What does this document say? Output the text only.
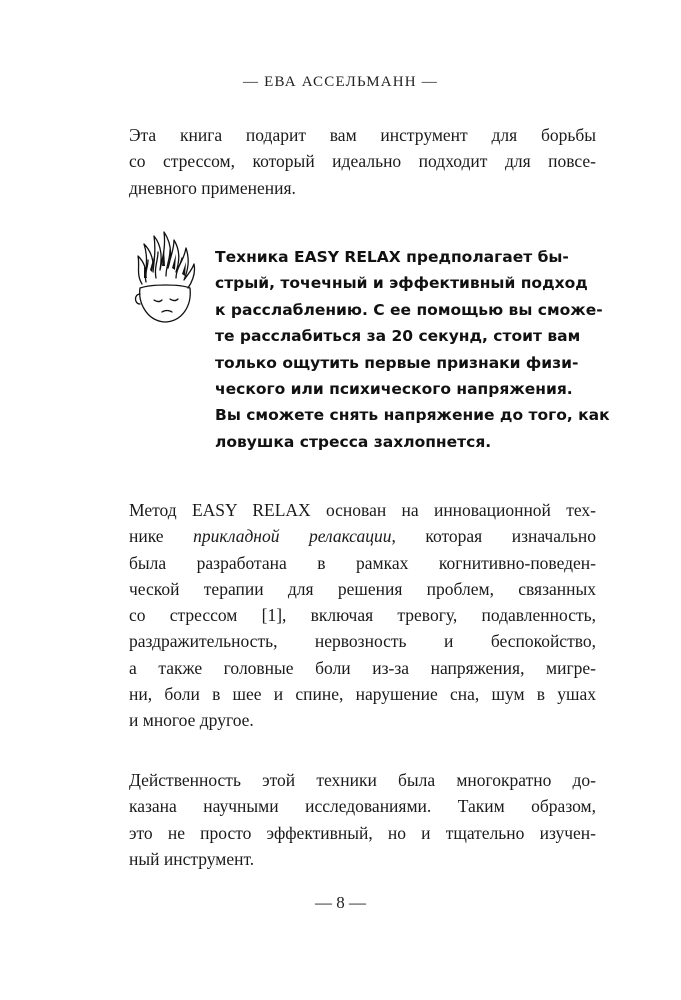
— ЕВА АССЕЛЬМАНН —
Эта книга подарит вам инструмент для борьбы
со стрессом, который идеально подходит для повсе-
дневного применения.
Техника EASY RELAX предполагает бы-
стрый, точечный и эффективный подход
к расслаблению. С ее помощью вы сможе-
те расслабиться за 20 секунд, стоит вам
только ощутить первые признаки физи-
ческого или психического напряжения.
Вы сможете снять напряжение до того, как
ловушка стресса захлопнется.
Метод EASY RELAX основан на инновационной тех-
нике прикладной релаксации, которая изначально
была разработана в рамках когнитивно-поведен-
ческой терапии для решения проблем, связанных
со стрессом [1], включая тревогу, подавленность,
раздражительность, нервозность и беспокойство,
а также головные боли из-за напряжения, мигре-
ни, боли в шее и спине, нарушение сна, шум в ушах
и многое другое.
Действенность этой техники была многократно до-
казана научными исследованиями. Таким образом,
это не просто эффективный, но и тщательно изучен-
ный инструмент.
— 8 —
